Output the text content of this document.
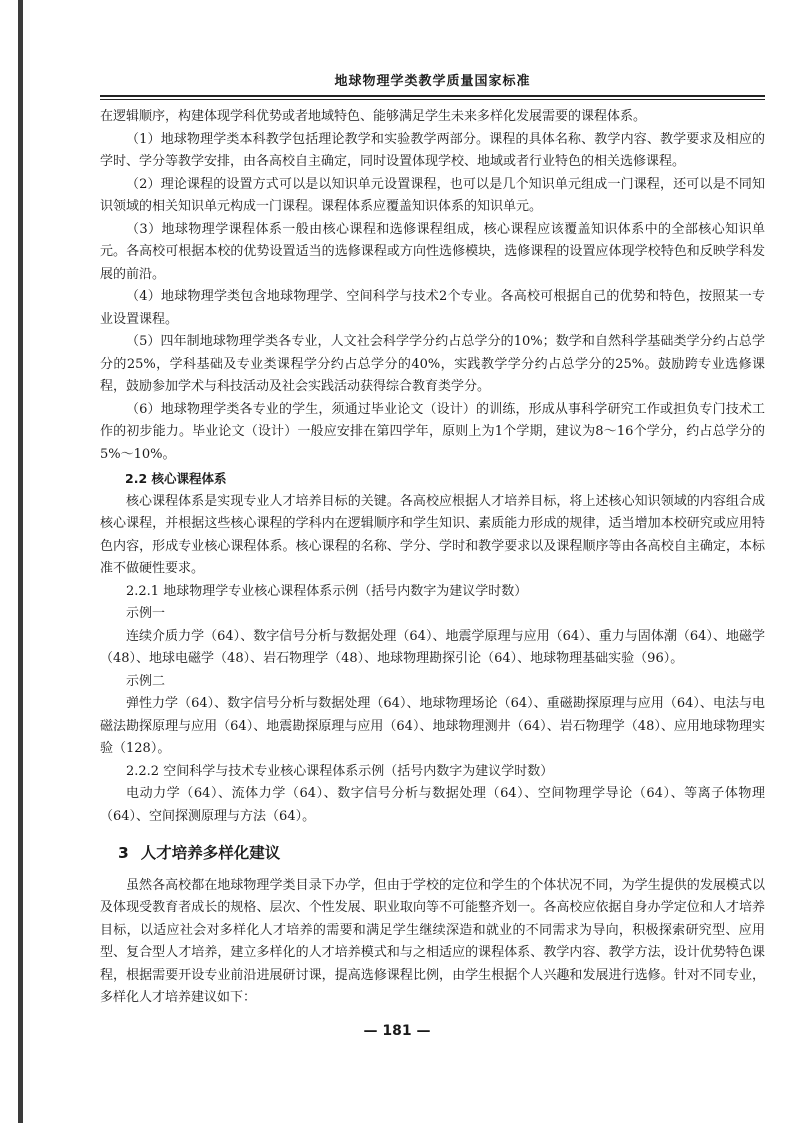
地球物理学类教学质量国家标准

在逻辑顺序，构建体现学科优势或者地域特色、能够满足学生未来多样化发展需要的课程体系。

（1）地球物理学类本科教学包括理论教学和实验教学两部分。课程的具体名称、教学内容、教学要求及相应的学时、学分等教学安排，由各高校自主确定，同时设置体现学校、地域或者行业特色的相关选修课程。

（2）理论课程的设置方式可以是以知识单元设置课程，也可以是几个知识单元组成一门课程，还可以是不同知识领域的相关知识单元构成一门课程。课程体系应覆盖知识体系的知识单元。

（3）地球物理学课程体系一般由核心课程和选修课程组成，核心课程应该覆盖知识体系中的全部核心知识单元。各高校可根据本校的优势设置适当的选修课程或方向性选修模块，选修课程的设置应体现学校特色和反映学科发展的前沿。

（4）地球物理学类包含地球物理学、空间科学与技术2个专业。各高校可根据自己的优势和特色，按照某一专业设置课程。

（5）四年制地球物理学类各专业，人文社会科学学分约占总学分的10%；数学和自然科学基础类学分约占总学分的25%，学科基础及专业类课程学分约占总学分的40%，实践教学学分约占总学分的25%。鼓励跨专业选修课程，鼓励参加学术与科技活动及社会实践活动获得综合教育类学分。

（6）地球物理学类各专业的学生，须通过毕业论文（设计）的训练，形成从事科学研究工作或担负专门技术工作的初步能力。毕业论文（设计）一般应安排在第四学年，原则上为1个学期，建议为8～16个学分，约占总学分的5%～10%。

2.2 核心课程体系

核心课程体系是实现专业人才培养目标的关键。各高校应根据人才培养目标，将上述核心知识领域的内容组合成核心课程，并根据这些核心课程的学科内在逻辑顺序和学生知识、素质能力形成的规律，适当增加本校研究或应用特色内容，形成专业核心课程体系。核心课程的名称、学分、学时和教学要求以及课程顺序等由各高校自主确定，本标准不做硬性要求。

2.2.1 地球物理学专业核心课程体系示例（括号内数字为建议学时数）

示例一

连续介质力学（64）、数字信号分析与数据处理（64）、地震学原理与应用（64）、重力与固体潮（64）、地磁学（48）、地球电磁学（48）、岩石物理学（48）、地球物理勘探引论（64）、地球物理基础实验（96）。

示例二

弹性力学（64）、数字信号分析与数据处理（64）、地球物理场论（64）、重磁勘探原理与应用（64）、电法与电磁法勘探原理与应用（64）、地震勘探原理与应用（64）、地球物理测井（64）、岩石物理学（48）、应用地球物理实验（128）。

2.2.2 空间科学与技术专业核心课程体系示例（括号内数字为建议学时数）

电动力学（64）、流体力学（64）、数字信号分析与数据处理（64）、空间物理学导论（64）、等离子体物理（64）、空间探测原理与方法（64）。

3 人才培养多样化建议

虽然各高校都在地球物理学类目录下办学，但由于学校的定位和学生的个体状况不同，为学生提供的发展模式以及体现受教育者成长的规格、层次、个性发展、职业取向等不可能整齐划一。各高校应依据自身办学定位和人才培养目标，以适应社会对多样化人才培养的需要和满足学生继续深造和就业的不同需求为导向，积极探索研究型、应用型、复合型人才培养，建立多样化的人才培养模式和与之相适应的课程体系、教学内容、教学方法，设计优势特色课程，根据需要开设专业前沿进展研讨课，提高选修课程比例，由学生根据个人兴趣和发展进行选修。针对不同专业，多样化人才培养建议如下：

— 181 —
